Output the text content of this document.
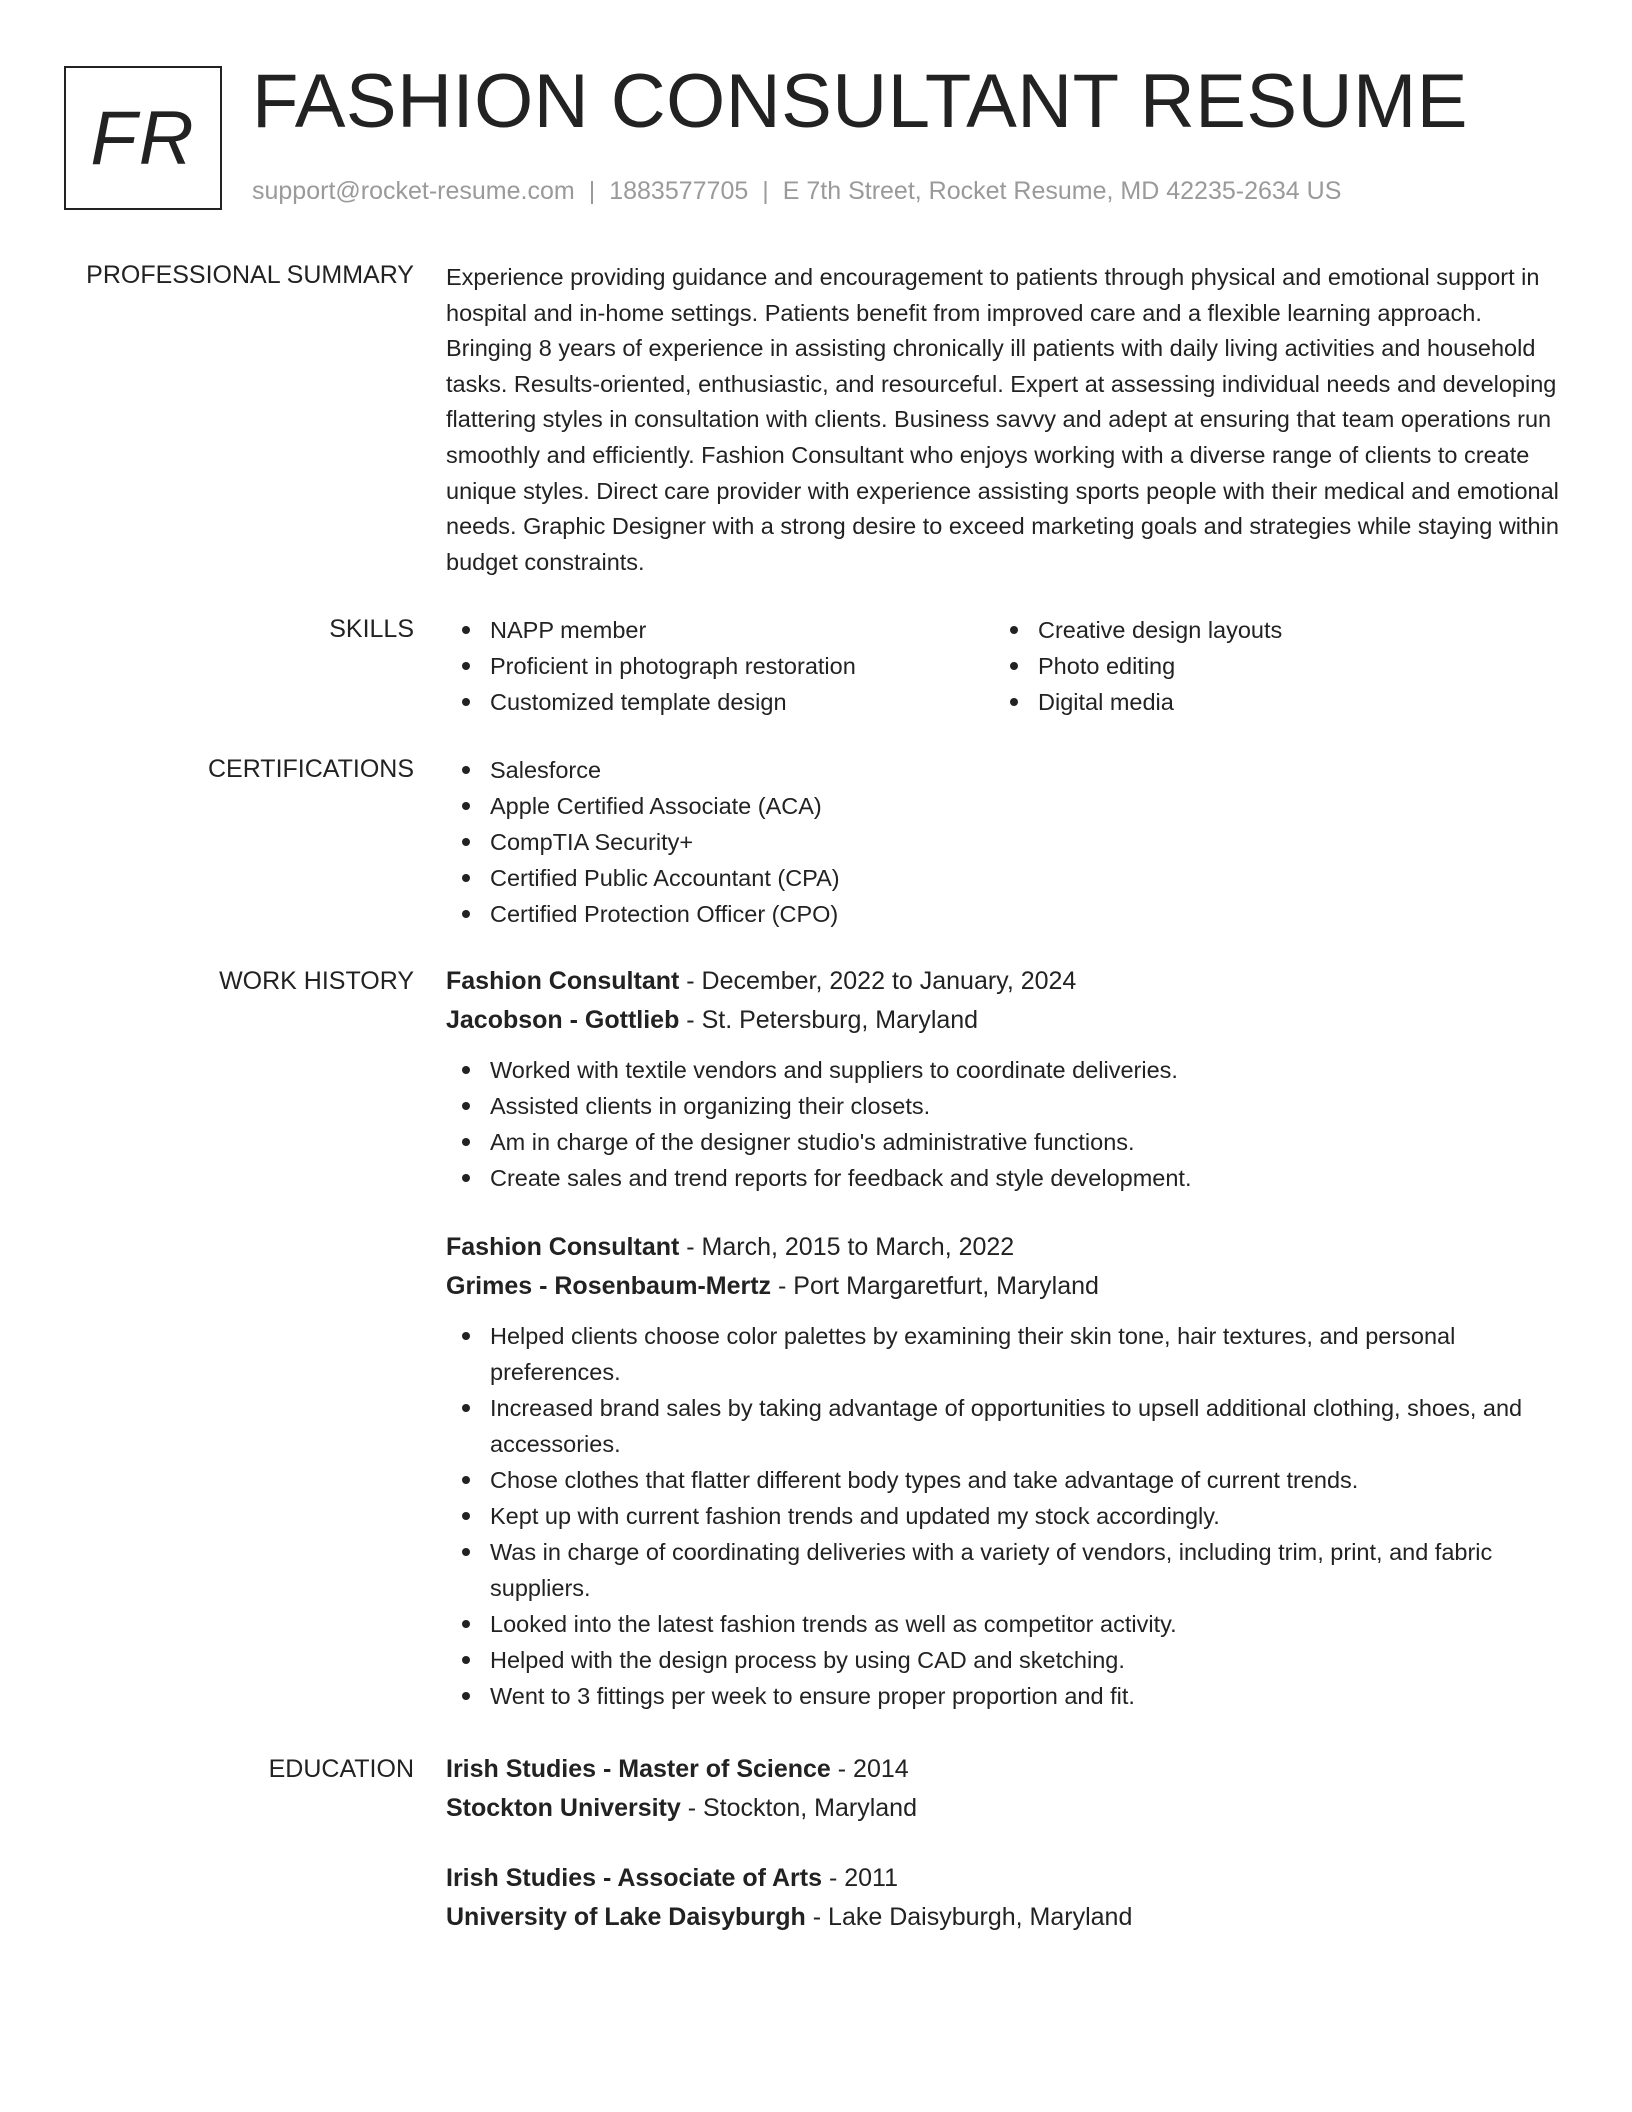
FR FASHION CONSULTANT RESUME
support@rocket-resume.com | 1883577705 | E 7th Street, Rocket Resume, MD 42235-2634 US
PROFESSIONAL SUMMARY Experience providing guidance and encouragement to patients through physical and emotional support in hospital and in-home settings. Patients benefit from improved care and a flexible learning approach. Bringing 8 years of experience in assisting chronically ill patients with daily living activities and household tasks. Results-oriented, enthusiastic, and resourceful. Expert at assessing individual needs and developing flattering styles in consultation with clients. Business savvy and adept at ensuring that team operations run smoothly and efficiently. Fashion Consultant who enjoys working with a diverse range of clients to create unique styles. Direct care provider with experience assisting sports people with their medical and emotional needs. Graphic Designer with a strong desire to exceed marketing goals and strategies while staying within budget constraints.

SKILLS	NAPP member
Proficient in photograph restoration
Customized template design
Creative design layouts
Photo editing
Digital media
CERTIFICATIONS	Salesforce
Apple Certified Associate (ACA)
CompTIA Security+
Certified Public Accountant (CPA)
Certified Protection Officer (CPO)
WORK HISTORY Fashion Consultant - December, 2022 to January, 2024
Jacobson - Gottlieb - St. Petersburg, Maryland
Worked with textile vendors and suppliers to coordinate deliveries.
Assisted clients in organizing their closets.
Am in charge of the designer studio's administrative functions.
Create sales and trend reports for feedback and style development.
Fashion Consultant - March, 2015 to March, 2022
Grimes - Rosenbaum-Mertz - Port Margaretfurt, Maryland
Helped clients choose color palettes by examining their skin tone, hair textures, and personal preferences.
Increased brand sales by taking advantage of opportunities to upsell additional clothing, shoes, and accessories.
Chose clothes that flatter different body types and take advantage of current trends.
Kept up with current fashion trends and updated my stock accordingly.
Was in charge of coordinating deliveries with a variety of vendors, including trim, print, and fabric suppliers.
Looked into the latest fashion trends as well as competitor activity.
Helped with the design process by using CAD and sketching.
Went to 3 fittings per week to ensure proper proportion and fit.
EDUCATION Irish Studies - Master of Science - 2014
Stockton University - Stockton, Maryland
Irish Studies - Associate of Arts - 2011
University of Lake Daisyburgh - Lake Daisyburgh, Maryland
